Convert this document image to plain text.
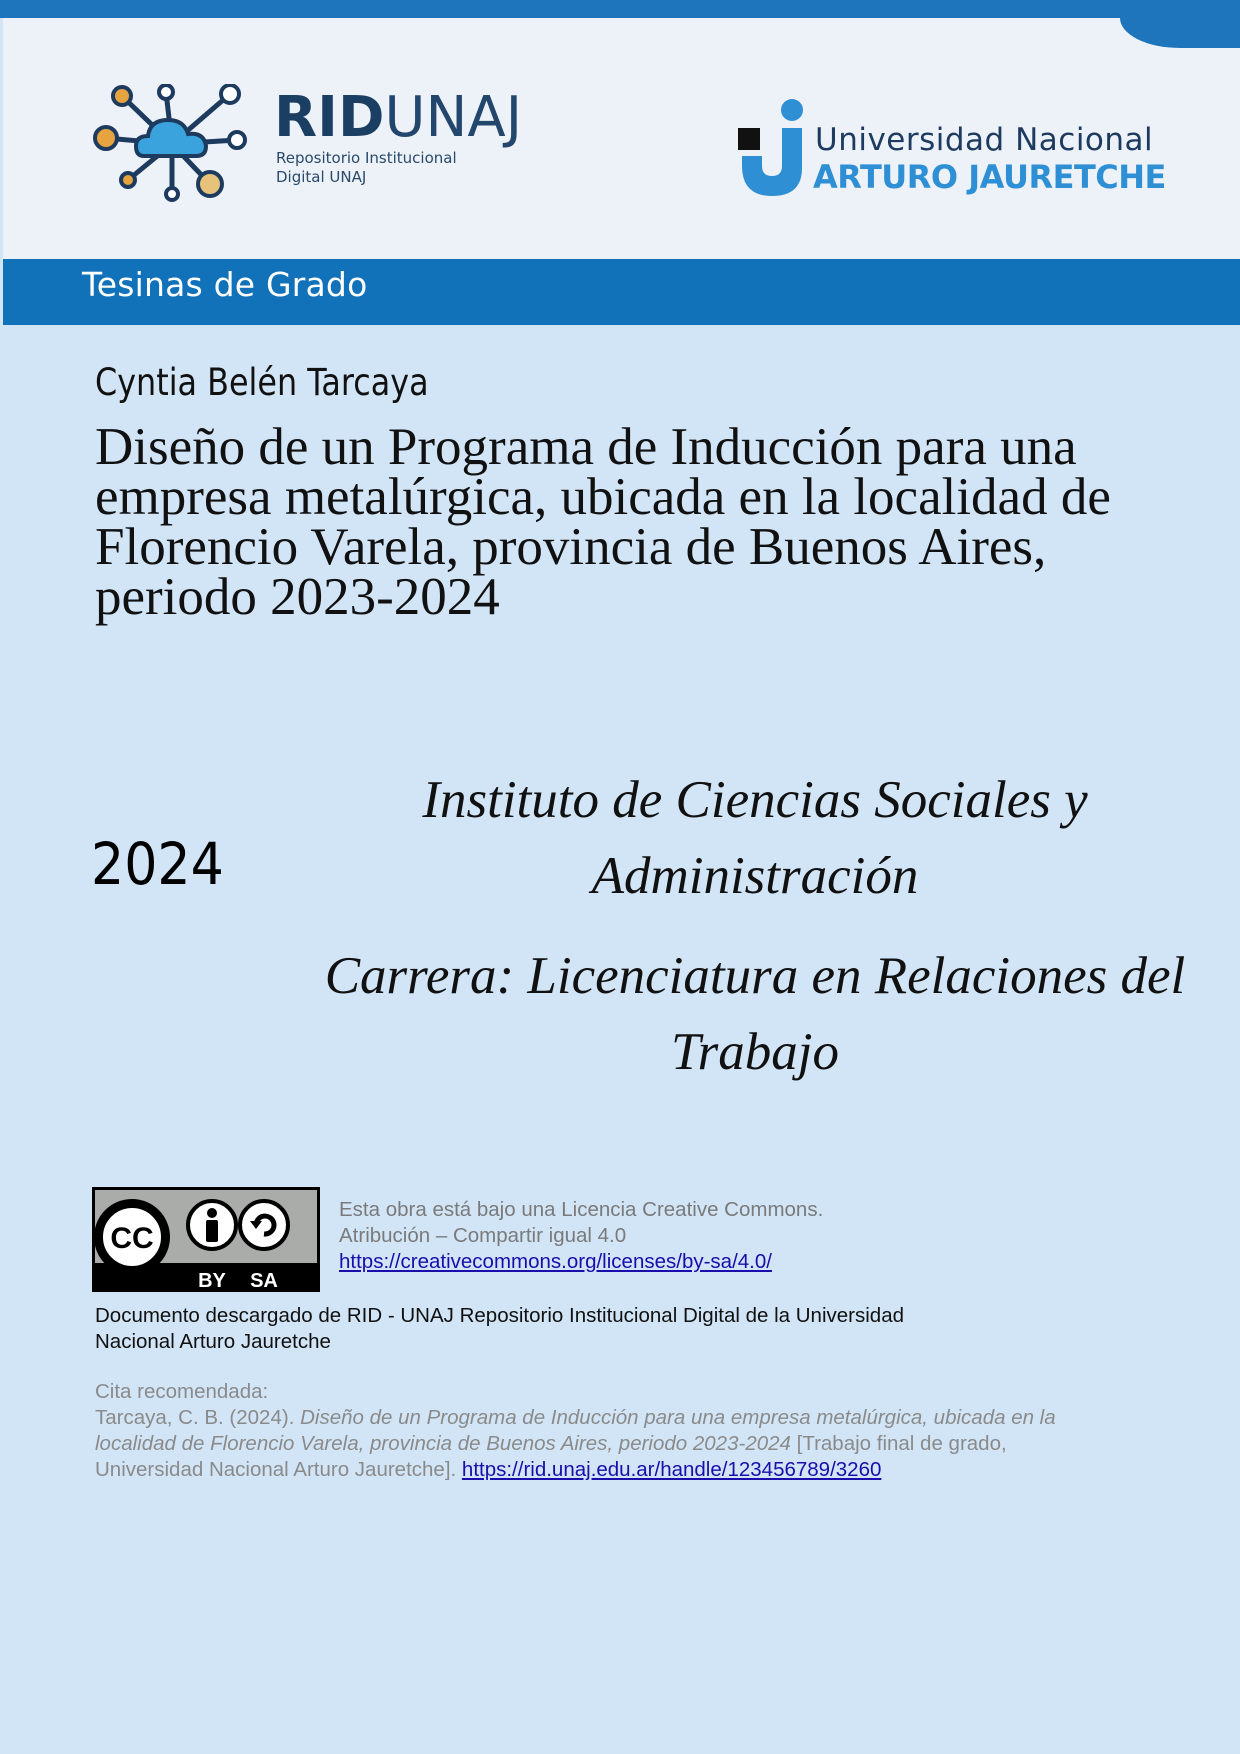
RIDUNAJ
Repositorio Institucional
Digital UNAJ
Universidad Nacional
ARTURO JAURETCHE
Tesinas de Grado
Cyntia Belén Tarcaya
Diseño de un Programa de Inducción para una empresa metalúrgica, ubicada en la localidad de Florencio Varela, provincia de Buenos Aires, periodo 2023-2024
2024
Instituto de Ciencias Sociales y Administración
Carrera: Licenciatura en Relaciones del Trabajo
CC
BY SA
Esta obra está bajo una Licencia Creative Commons.
Atribución – Compartir igual 4.0
https://creativecommons.org/licenses/by-sa/4.0/
Documento descargado de RID - UNAJ Repositorio Institucional Digital de la Universidad Nacional Arturo Jauretche
Cita recomendada:
Tarcaya, C. B. (2024). Diseño de un Programa de Inducción para una empresa metalúrgica, ubicada en la localidad de Florencio Varela, provincia de Buenos Aires, periodo 2023-2024 [Trabajo final de grado, Universidad Nacional Arturo Jauretche]. https://rid.unaj.edu.ar/handle/123456789/3260
